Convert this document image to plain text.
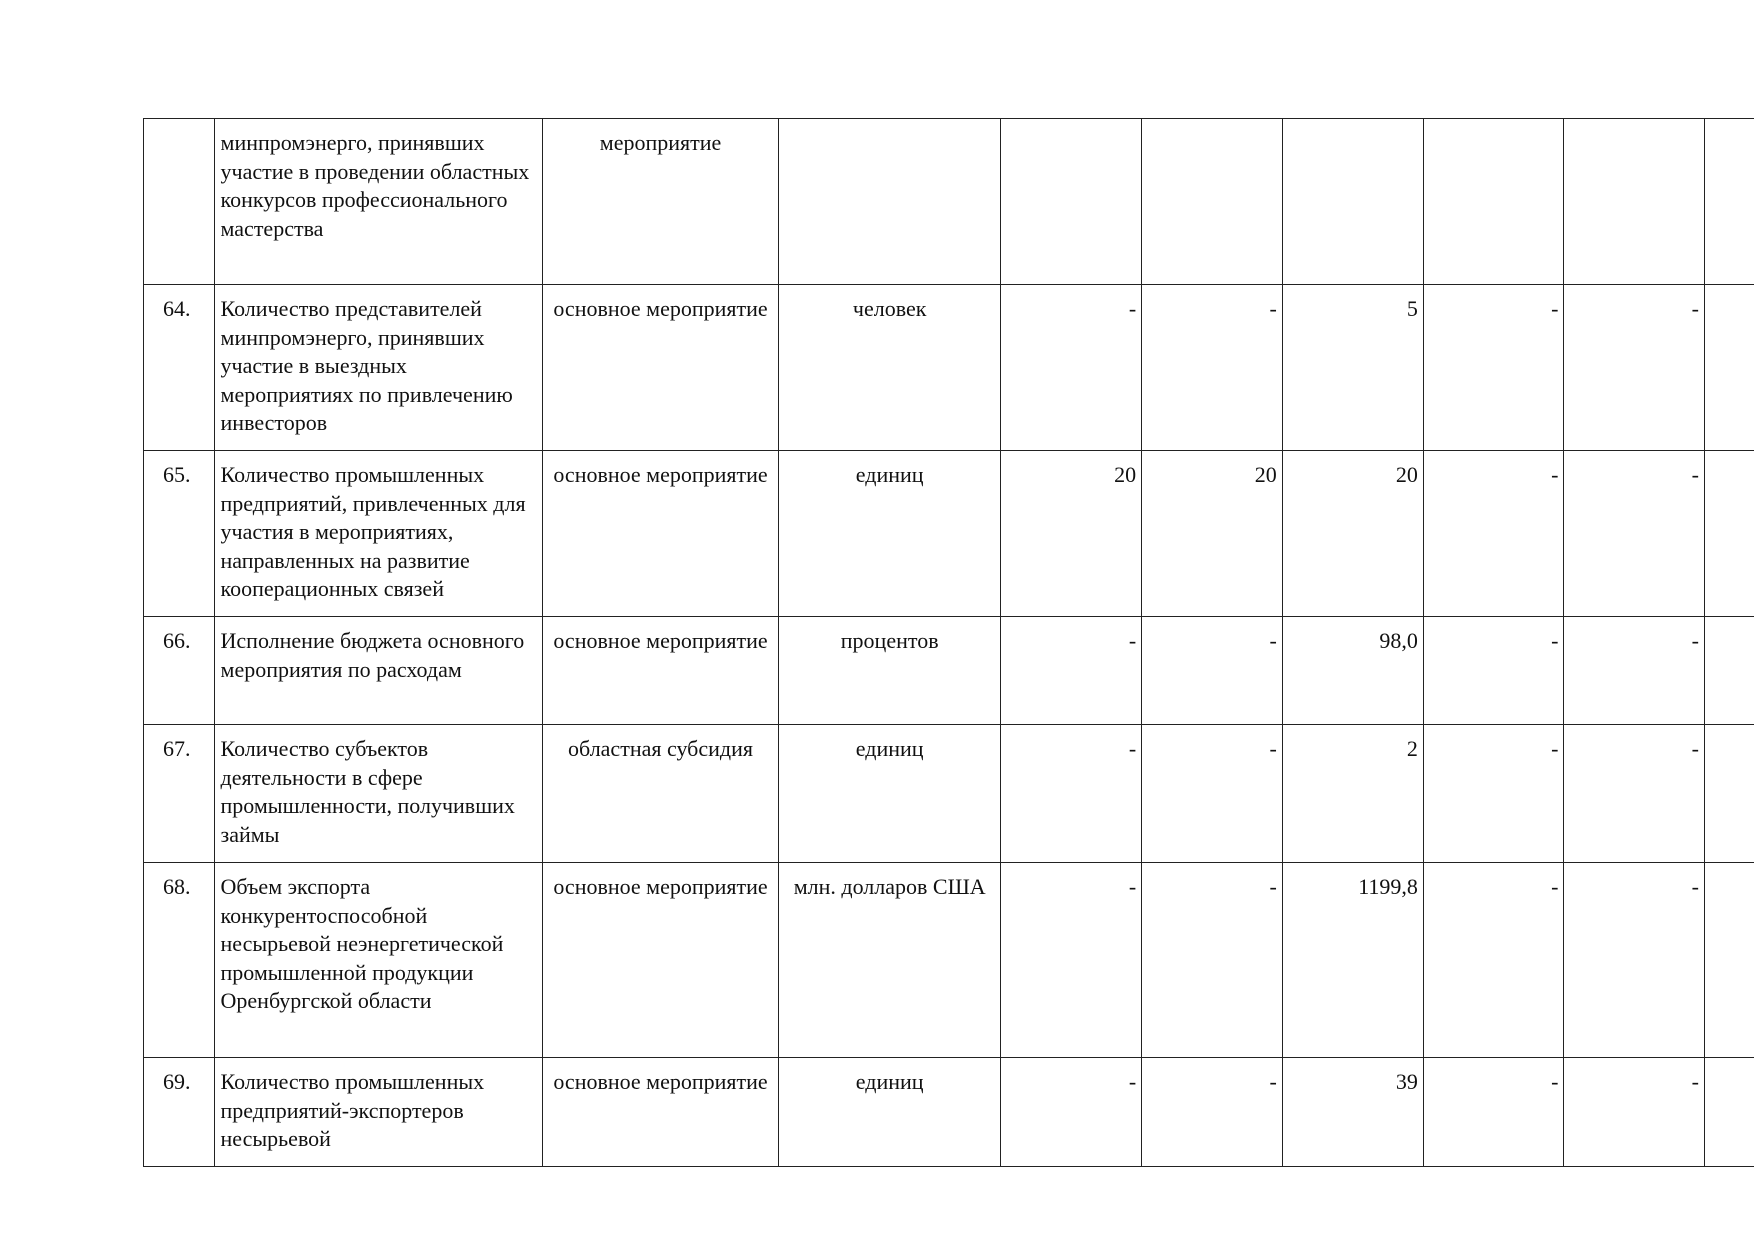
	минпромэнерго, принявших участие в проведении областных конкурсов профессионального мастерства	мероприятие							
64.	Количество представителей минпромэнерго, принявших участие в выездных мероприятиях по привлечению инвесторов	основное мероприятие	человек	-	-	5	-	-	
65.	Количество промышленных предприятий, привлеченных для участия в мероприятиях, направленных на развитие кооперационных связей	основное мероприятие	единиц	20	20	20	-	-	
66.	Исполнение бюджета основного мероприятия по расходам	основное мероприятие	процентов	-	-	98,0	-	-	
67.	Количество субъектов деятельности в сфере промышленности, получивших займы	областная субсидия	единиц	-	-	2	-	-	
68.	Объем экспорта конкурентоспособной несырьевой неэнергетической промышленной продукции Оренбургской области	основное мероприятие	млн. долларов США	-	-	1199,8	-	-	
69.	Количество промышленных предприятий-экспортеров несырьевой	основное мероприятие	единиц	-	-	39	-	-	
